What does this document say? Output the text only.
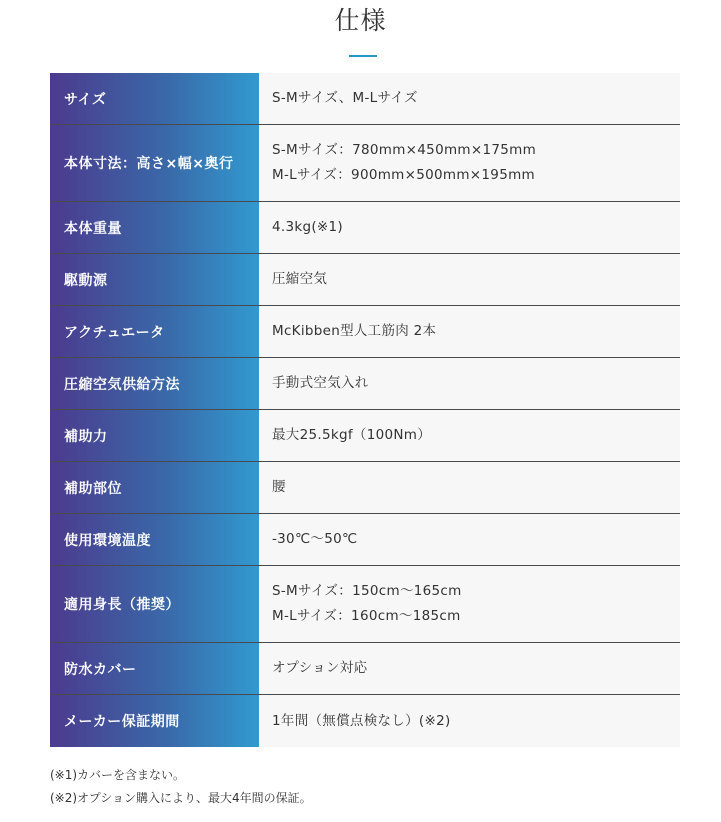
仕様
サイズ	S-Mサイズ、M-Lサイズ
本体寸法：高さ×幅×奥行
S-Mサイズ：780mm×450mm×175mm
M-Lサイズ：900mm×500mm×195mm
本体重量	4.3kg(※1)
駆動源	圧縮空気
アクチュエータ	McKibben型人工筋肉 2本
圧縮空気供給方法	手動式空気入れ
補助力	最大25.5kgf（100Nm）
補助部位	腰
使用環境温度	-30℃〜50℃
適用身長（推奨）
S-Mサイズ：150cm〜165cm
M-Lサイズ：160cm〜185cm
防水カバー	オプション対応
メーカー保証期間	1年間（無償点検なし）(※2)
(※1)カバーを含まない。
(※2)オプション購入により、最大4年間の保証。
